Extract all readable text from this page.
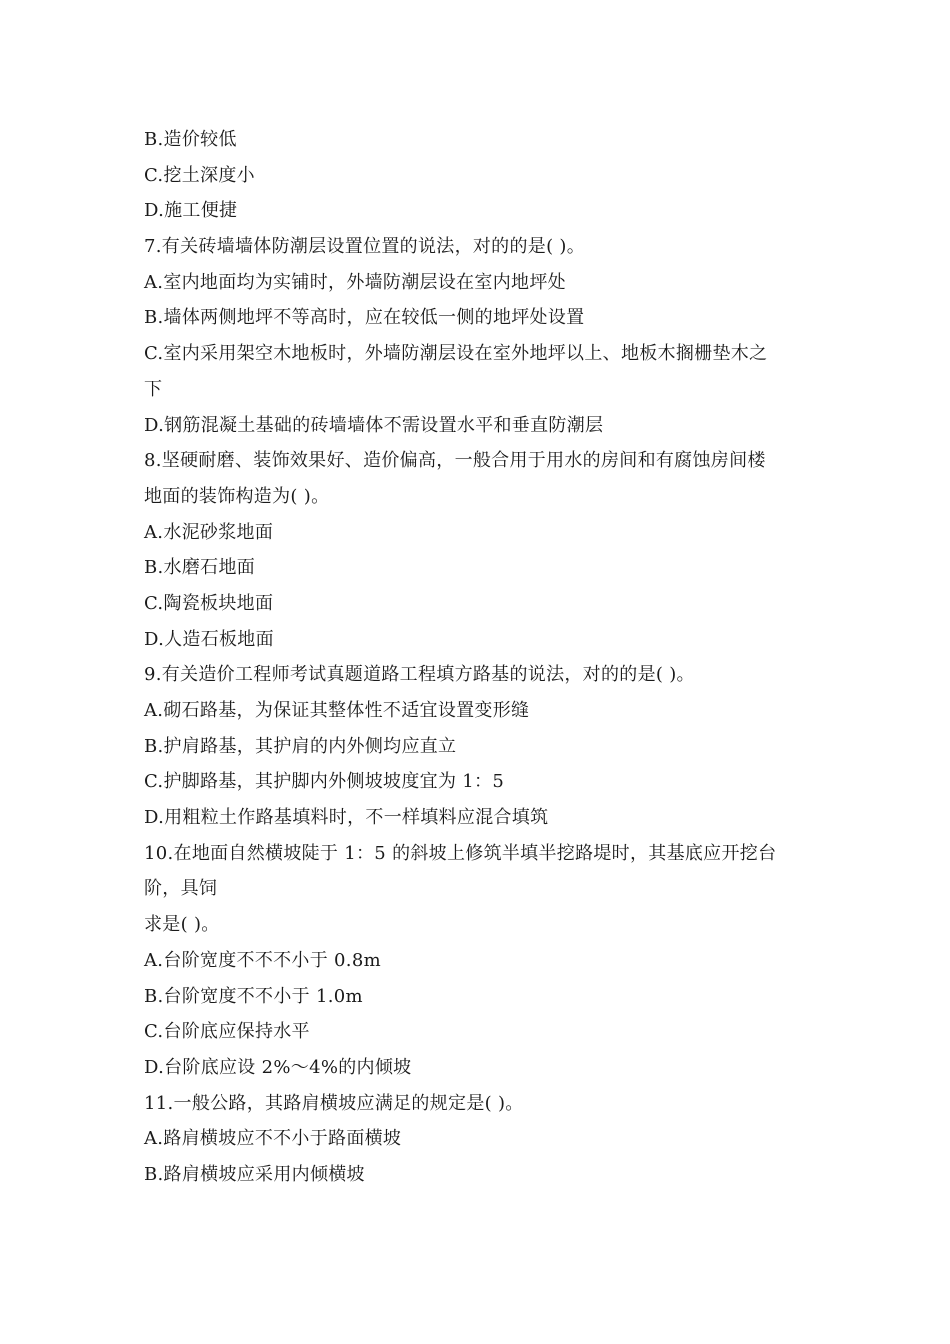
B.造价较低
C.挖土深度小
D.施工便捷
7.有关砖墙墙体防潮层设置位置的说法，对的的是( )。
A.室内地面均为实铺时，外墙防潮层设在室内地坪处
B.墙体两侧地坪不等高时，应在较低一侧的地坪处设置
C.室内采用架空木地板时，外墙防潮层设在室外地坪以上、地板木搁栅垫木之
下
D.钢筋混凝土基础的砖墙墙体不需设置水平和垂直防潮层
8.坚硬耐磨、装饰效果好、造价偏高，一般合用于用水的房间和有腐蚀房间楼
地面的装饰构造为( )。
A.水泥砂浆地面
B.水磨石地面
C.陶瓷板块地面
D.人造石板地面
9.有关造价工程师考试真题道路工程填方路基的说法，对的的是( )。
A.砌石路基，为保证其整体性不适宜设置变形缝
B.护肩路基，其护肩的内外侧均应直立
C.护脚路基，其护脚内外侧坡坡度宜为 1：5
D.用粗粒土作路基填料时，不一样填料应混合填筑
10.在地面自然横坡陡于 1：5 的斜坡上修筑半填半挖路堤时，其基底应开挖台
阶，具饲
求是( )。
A.台阶宽度不不不小于 0.8m
B.台阶宽度不不小于 1.0m
C.台阶底应保持水平
D.台阶底应设 2%～4%的内倾坡
11.一般公路，其路肩横坡应满足的规定是( )。
A.路肩横坡应不不小于路面横坡
B.路肩横坡应采用内倾横坡
